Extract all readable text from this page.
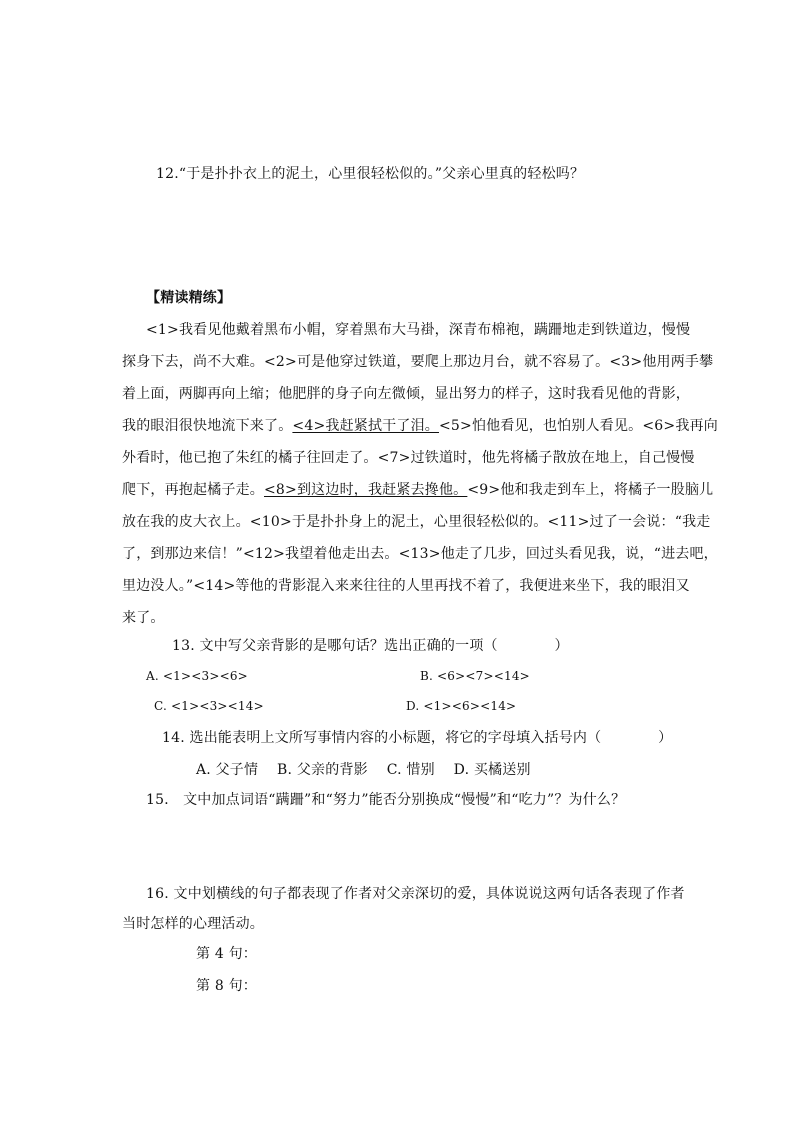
12.“于是扑扑衣上的泥土，心里很轻松似的。”父亲心里真的轻松吗？
【精读精练】
<1>我看见他戴着黑布小帽，穿着黑布大马褂，深青布棉袍，蹒跚地走到铁道边，慢慢
探身下去，尚不大难。<2>可是他穿过铁道，要爬上那边月台，就不容易了。<3>他用两手攀
着上面，两脚再向上缩；他肥胖的身子向左微倾，显出努力的样子，这时我看见他的背影，
我的眼泪很快地流下来了。<4>我赶紧拭干了泪。<5>怕他看见，也怕别人看见。<6>我再向
外看时，他已抱了朱红的橘子往回走了。<7>过铁道时，他先将橘子散放在地上，自己慢慢
爬下，再抱起橘子走。<8>到这边时，我赶紧去搀他。<9>他和我走到车上，将橘子一股脑儿
放在我的皮大衣上。<10>于是扑扑身上的泥土，心里很轻松似的。<11>过了一会说：“我走
了，到那边来信！”<12>我望着他走出去。<13>他走了几步，回过头看见我，说，“进去吧，
里边没人。”<14>等他的背影混入来来往往的人里再找不着了，我便进来坐下，我的眼泪又
来了。
13. 文中写父亲背影的是哪句话？选出正确的一项（　　　　）
A. <1><3><6>	B. <6><7><14>
C. <1><3><14>	D. <1><6><14>
14. 选出能表明上文所写事情内容的小标题，将它的字母填入括号内（　　　　）
A. 父子情　 B. 父亲的背影　 C. 惜别　 D. 买橘送别
15． 文中加点词语“蹒跚”和“努力”能否分别换成“慢慢”和“吃力”？为什么？
16. 文中划横线的句子都表现了作者对父亲深切的爱，具体说说这两句话各表现了作者
当时怎样的心理活动。
第 4 句：
第 8 句：
